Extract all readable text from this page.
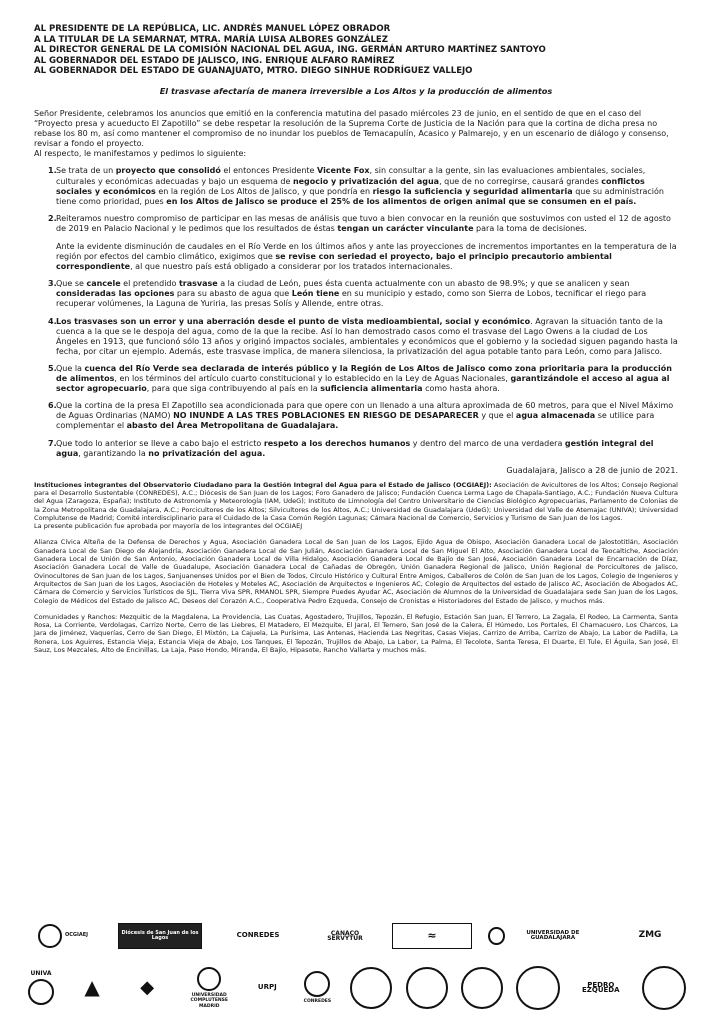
AL PRESIDENTE DE LA REPÚBLICA, LIC. ANDRÉS MANUEL LÓPEZ OBRADOR
A LA TITULAR DE LA SEMARNAT, MTRA. MARÍA LUISA ALBORES GONZÁLEZ
AL DIRECTOR GENERAL DE LA COMISIÓN NACIONAL DEL AGUA, ING. GERMÁN ARTURO MARTÍNEZ SANTOYO
AL GOBERNADOR DEL ESTADO DE JALISCO, ING. ENRIQUE ALFARO RAMÍREZ
AL GOBERNADOR DEL ESTADO DE GUANAJUATO, MTRO. DIEGO SINHUE RODRÍGUEZ VALLEJO
El trasvase afectaría de manera irreversible a Los Altos y la producción de alimentos

Señor Presidente, celebramos los anuncios que emitió en la conferencia matutina del pasado miércoles 23 de junio, en el sentido de que en el caso del “Proyecto presa y acueducto El Zapotillo” se debe respetar la resolución de la Suprema Corte de Justicia de la Nación para que la cortina de dicha presa no rebase los 80 m, así como mantener el compromiso de no inundar los pueblos de Temacapulín, Acasico y Palmarejo, y en un escenario de diálogo y consenso, revisar a fondo el proyecto.

Al respecto, le manifestamos y pedimos lo siguiente:

1. Se trata de un proyecto que consolidó el entonces Presidente Vicente Fox, sin consultar a la gente, sin las evaluaciones ambientales, sociales, culturales y económicas adecuadas y bajo un esquema de negocio y privatización del agua, que de no corregirse, causará grandes conflictos sociales y económicos en la región de Los Altos de Jalisco, y que pondría en riesgo la suficiencia y seguridad alimentaria que su administración tiene como prioridad, pues en los Altos de Jalisco se produce el 25% de los alimentos de origen animal que se consumen en el país.

2. Reiteramos nuestro compromiso de participar en las mesas de análisis que tuvo a bien convocar en la reunión que sostuvimos con usted el 12 de agosto de 2019 en Palacio Nacional y le pedimos que los resultados de éstas tengan un carácter vinculante para la toma de decisiones.

Ante la evidente disminución de caudales en el Río Verde en los últimos años y ante las proyecciones de incrementos importantes en la temperatura de la región por efectos del cambio climático, exigimos que se revise con seriedad el proyecto, bajo el principio precautorio ambiental correspondiente, al que nuestro país está obligado a considerar por los tratados internacionales.

3. Que se cancele el pretendido trasvase a la ciudad de León, pues ésta cuenta actualmente con un abasto de 98.9%; y que se analicen y sean consideradas las opciones para su abasto de agua que León tiene en su municipio y estado, como son Sierra de Lobos, tecnificar el riego para recuperar volúmenes, la Laguna de Yuriria, las presas Solís y Allende, entre otras.

4. Los trasvases son un error y una aberración desde el punto de vista medioambiental, social y económico. Agravan la situación tanto de la cuenca a la que se le despoja del agua, como de la que la recibe. Así lo han demostrado casos como el trasvase del Lago Owens a la ciudad de Los Ángeles en 1913, que funcionó sólo 13 años y originó impactos sociales, ambientales y económicos que el gobierno y la sociedad siguen pagando hasta la fecha, por citar un ejemplo. Además, este trasvase implica, de manera silenciosa, la privatización del agua potable tanto para León, como para Jalisco.

5. Que la cuenca del Río Verde sea declarada de interés público y la Región de Los Altos de Jalisco como zona prioritaria para la producción de alimentos, en los términos del artículo cuarto constitucional y lo establecido en la Ley de Aguas Nacionales, garantizándole el acceso al agua al sector agropecuario, para que siga contribuyendo al país en la suficiencia alimentaria como hasta ahora.

6. Que la cortina de la presa El Zapotillo sea acondicionada para que opere con un llenado a una altura aproximada de 60 metros, para que el Nivel Máximo de Aguas Ordinarias (NAMO) NO INUNDE A LAS TRES POBLACIONES EN RIESGO DE DESAPARECER y que el agua almacenada se utilice para complementar el abasto del Área Metropolitana de Guadalajara.

7. Que todo lo anterior se lleve a cabo bajo el estricto respeto a los derechos humanos y dentro del marco de una verdadera gestión integral del agua, garantizando la no privatización del agua.

Guadalajara, Jalisco a 28 de junio de 2021.

Instituciones integrantes del Observatorio Ciudadano para la Gestión Integral del Agua para el Estado de Jalisco (OCGIAEJ): Asociación de Avicultores de los Altos; Consejo Regional para el Desarrollo Sustentable (CONREDES), A.C.; Diócesis de San Juan de los Lagos; Foro Ganadero de Jalisco; Fundación Cuenca Lerma Lago de Chapala-Santiago, A.C.; Fundación Nueva Cultura del Agua (Zaragoza, España); Instituto de Astronomía y Meteorología (IAM, UdeG); Instituto de Limnología del Centro Universitario de Ciencias Biológico Agropecuarias, Parlamento de Colonias de la Zona Metropolitana de Guadalajara, A.C.; Porcicultores de los Altos; Silvicultores de los Altos, A.C.; Universidad de Guadalajara (UdeG); Universidad del Valle de Atemajac (UNIVA); Universidad Complutense de Madrid; Comité interdisciplinario para el Cuidado de la Casa Común Región Lagunas; Cámara Nacional de Comercio, Servicios y Turismo de San Juan de los Lagos.

La presente publicación fue aprobada por mayoría de los integrantes del OCGIAEJ

Alianza Cívica Alteña de la Defensa de Derechos y Agua, Asociación Ganadera Local de San Juan de los Lagos, Ejido Agua de Obispo, Asociación Ganadera Local de Jalostotitlán, Asociación Ganadera Local de San Diego de Alejandría, Asociación Ganadera Local de San Julián, Asociación Ganadera Local de San Miguel El Alto, Asociación Ganadera Local de Teocaltiche, Asociación Ganadera Local de Unión de San Antonio, Asociación Ganadera Local de Villa Hidalgo, Asociación Ganadera Local de Bajío de San José, Asociación Ganadera Local de Encarnación de Díaz, Asociación Ganadera Local de Valle de Guadalupe, Asociación Ganadera Local de Cañadas de Obregón, Unión Ganadera Regional de Jalisco, Unión Regional de Porcicultores de Jalisco, Ovinocultores de San Juan de los Lagos, Sanjuanenses Unidos por el Bien de Todos, Círculo Histórico y Cultural Entre Amigos, Caballeros de Colón de San Juan de los Lagos, Colegio de Ingenieros y Arquitectos de San Juan de los Lagos, Asociación de Hoteles y Moteles AC, Asociación de Arquitectos e Ingenieros AC, Colegio de Arquitectos del estado de Jalisco AC, Asociación de Abogados AC, Cámara de Comercio y Servicios Turísticos de SJL, Tierra Viva SPR, RMANOL SPR, Siempre Puedes Ayudar AC, Asociación de Alumnos de la Universidad de Guadalajara sede San Juan de los Lagos, Colegio de Médicos del Estado de Jalisco AC, Deseos del Corazón A.C., Cooperativa Pedro Ezqueda, Consejo de Cronistas e Historiadores del Estado de Jalisco, y muchos más.

Comunidades y Ranchos: Mezquitic de la Magdalena, La Providencia, Las Cuatas, Agostadero, Trujillos, Tepozán, El Refugio, Estación San Juan, El Terrero, La Zagala, El Rodeo, La Carmenta, Santa Rosa, La Corriente, Verdolagas, Carrizo Norte, Cerro de las Liebres, El Matadero, El Mezquite, El Jaral, El Ternero, San José de la Calera, El Húmedo, Los Portales, El Chamacuero, Los Charcos, La Jara de Jiménez, Vaquerías, Cerro de San Diego, El Mixtón, La Cajuela, La Purísima, Las Antenas, Hacienda Las Negritas, Casas Viejas, Carrizo de Arriba, Carrizo de Abajo, La Labor de Padilla, La Ronera, Los Aguirres, Estancia Vieja, Estancia Vieja de Abajo, Los Tanques, El Tepozán, Trujillos de Abajo, La Labor, La Palma, El Tecolote, Santa Teresa, El Duarte, El Tule, El Águila, San José, El Sauz, Los Mezcales, Alto de Encinillas, La Laja, Paso Hondo, Miranda, El Bajío, Hipasote, Rancho Vallarta y muchos más.

OCGIAEJ	Diócesis de San Juan de los Lagos	CONREDES	CANACO SERVYTUR	≈	UNIVERSIDAD DE GUADALAJARA	ZMG
UNIVA
▲ ◆	UNIVERSIDAD COMPLUTENSE MADRID
URPJ
CONREDES
PEDRO EZQUEDA
